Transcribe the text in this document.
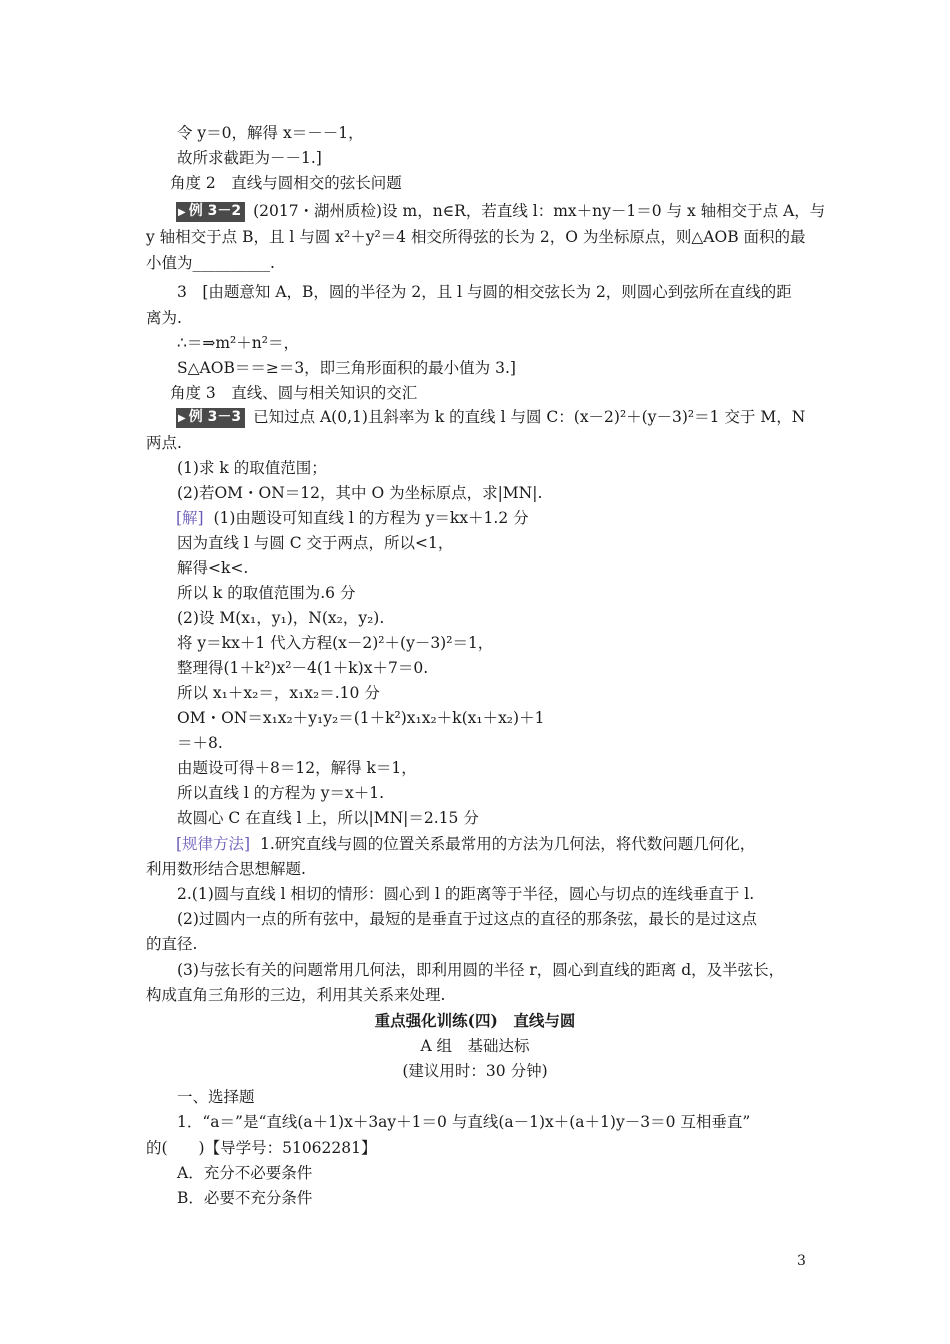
令 y＝0，解得 x＝－－1，
故所求截距为－－1.]
角度 2　直线与圆相交的弦长问题
▶ 例 3－2 (2017・湖州质检)设 m，n∈R，若直线 l：mx＋ny－1＝0 与 x 轴相交于点 A，与
y 轴相交于点 B，且 l 与圆 x²＋y²＝4 相交所得弦的长为 2，O 为坐标原点，则△AOB 面积的最
小值为__________.
3　[由题意知 A，B，圆的半径为 2，且 l 与圆的相交弦长为 2，则圆心到弦所在直线的距
离为.
∴＝⇒m²＋n²＝，
S△AOB＝＝≥＝3，即三角形面积的最小值为 3.]
角度 3　直线、圆与相关知识的交汇
▶ 例 3－3 已知过点 A(0,1)且斜率为 k 的直线 l 与圆 C：(x－2)²＋(y－3)²＝1 交于 M，N
两点.
(1)求 k 的取值范围；
(2)若OM・ON＝12，其中 O 为坐标原点，求|MN|.
[解] (1)由题设可知直线 l 的方程为 y＝kx＋1.2 分
因为直线 l 与圆 C 交于两点，所以<1，
解得<k<.
所以 k 的取值范围为.6 分
(2)设 M(x₁，y₁)，N(x₂，y₂).
将 y＝kx＋1 代入方程(x－2)²＋(y－3)²＝1，
整理得(1＋k²)x²－4(1＋k)x＋7＝0.
所以 x₁＋x₂＝，x₁x₂＝.10 分
OM・ON＝x₁x₂＋y₁y₂＝(1＋k²)x₁x₂＋k(x₁＋x₂)＋1
＝＋8.
由题设可得＋8＝12，解得 k＝1，
所以直线 l 的方程为 y＝x＋1.
故圆心 C 在直线 l 上，所以|MN|＝2.15 分
[规律方法] 1.研究直线与圆的位置关系最常用的方法为几何法，将代数问题几何化，
利用数形结合思想解题.
2.(1)圆与直线 l 相切的情形：圆心到 l 的距离等于半径，圆心与切点的连线垂直于 l.
(2)过圆内一点的所有弦中，最短的是垂直于过这点的直径的那条弦，最长的是过这点
的直径.
(3)与弦长有关的问题常用几何法，即利用圆的半径 r，圆心到直线的距离 d，及半弦长，
构成直角三角形的三边，利用其关系来处理.
重点强化训练(四)　直线与圆
A 组　基础达标
(建议用时：30 分钟)
一、选择题
1．“a＝”是“直线(a＋1)x＋3ay＋1＝0 与直线(a－1)x＋(a＋1)y－3＝0 互相垂直”
的(　　)【导学号：51062281】
A．充分不必要条件
B．必要不充分条件
3
